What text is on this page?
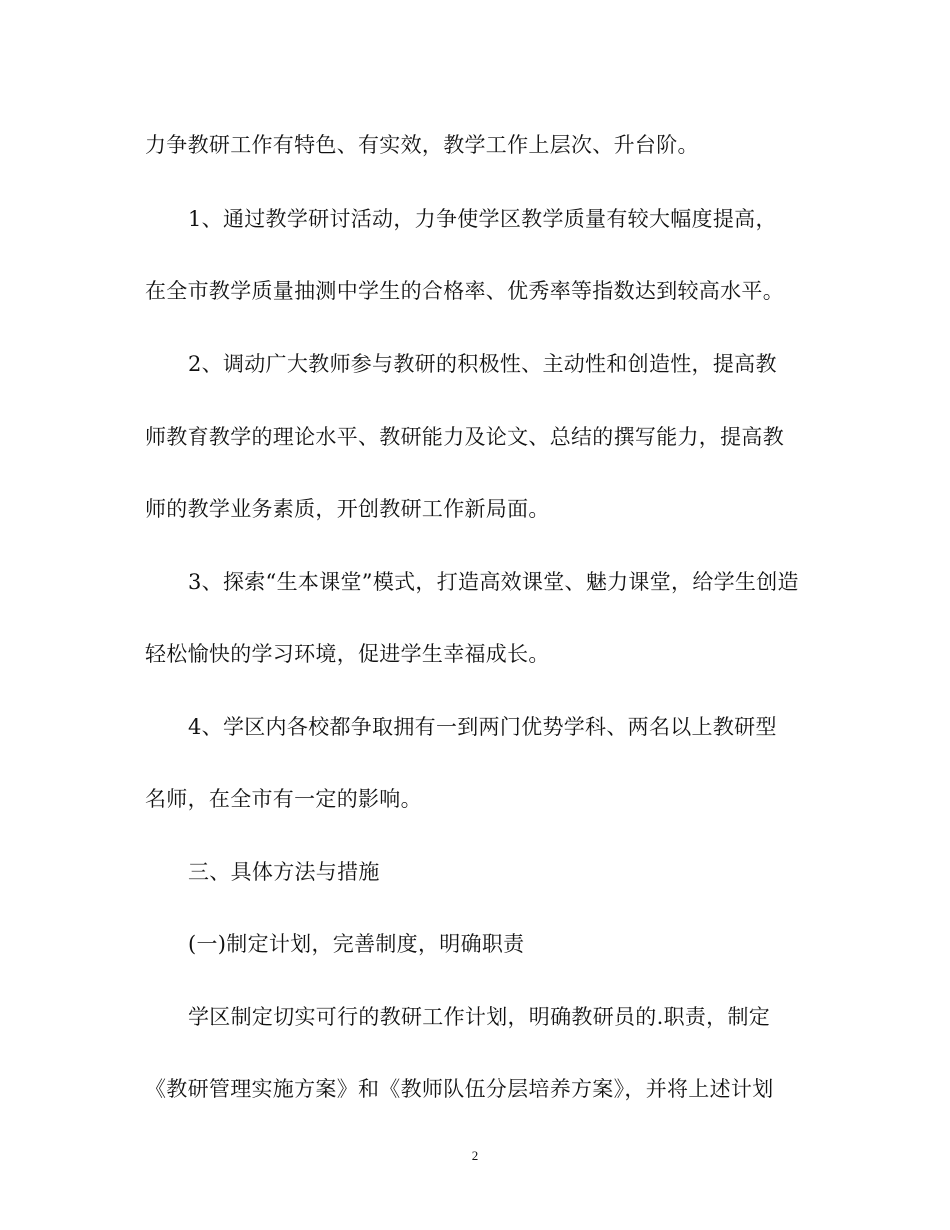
力争教研工作有特色、有实效，教学工作上层次、升台阶。
1、通过教学研讨活动，力争使学区教学质量有较大幅度提高，
在全市教学质量抽测中学生的合格率、优秀率等指数达到较高水平。
2、调动广大教师参与教研的积极性、主动性和创造性，提高教
师教育教学的理论水平、教研能力及论文、总结的撰写能力，提高教
师的教学业务素质，开创教研工作新局面。
3、探索“生本课堂”模式，打造高效课堂、魅力课堂，给学生创造
轻松愉快的学习环境，促进学生幸福成长。
4、学区内各校都争取拥有一到两门优势学科、两名以上教研型
名师，在全市有一定的影响。
三、具体方法与措施
(一)制定计划，完善制度，明确职责
学区制定切实可行的教研工作计划，明确教研员的.职责，制定
《教研管理实施方案》和《教师队伍分层培养方案》，并将上述计划
2
